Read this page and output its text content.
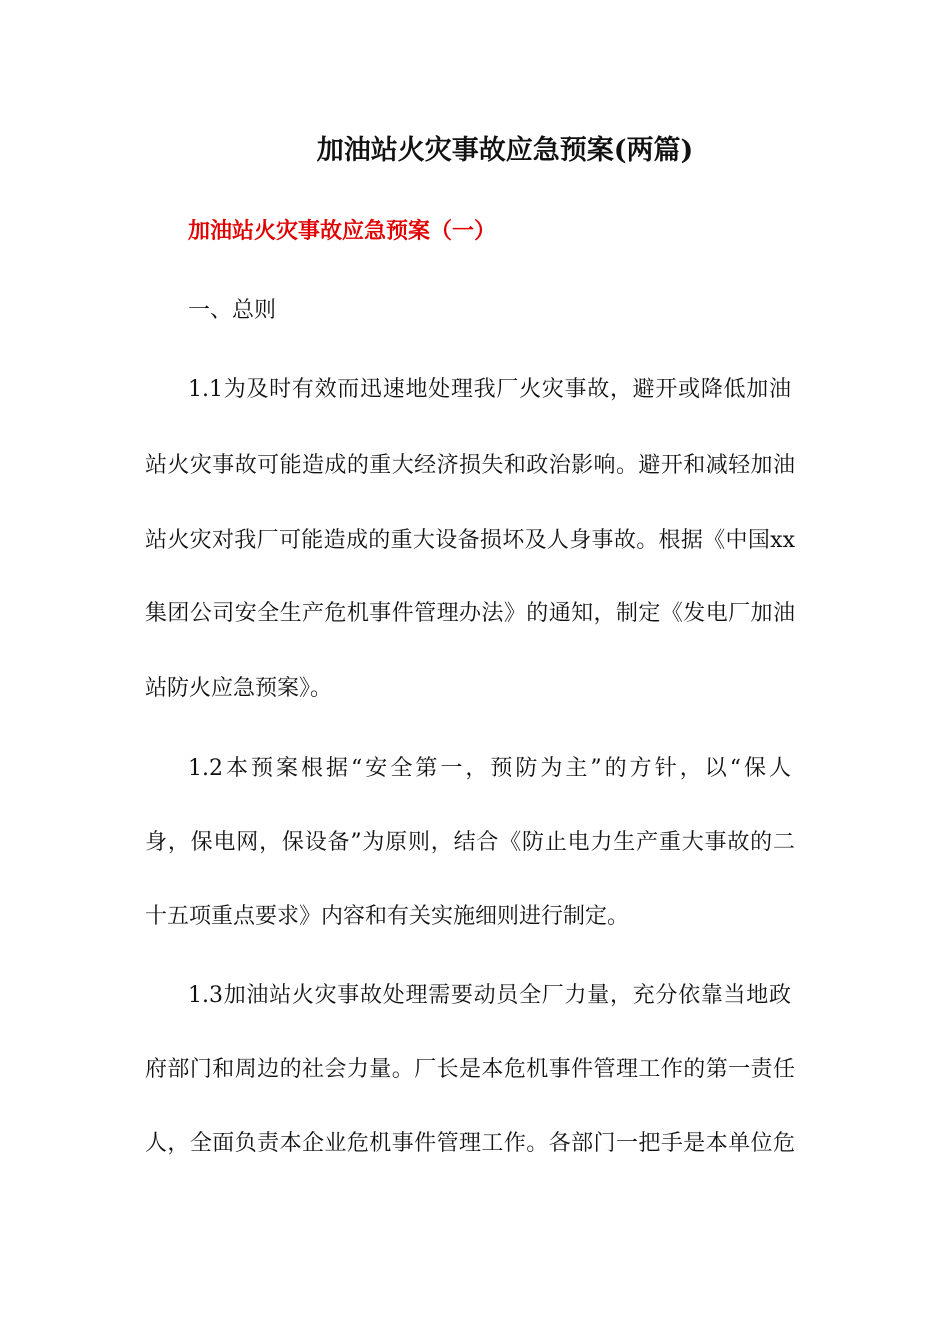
加油站火灾事故应急预案(两篇)
加油站火灾事故应急预案（一）
一、总则
1.1为及时有效而迅速地处理我厂火灾事故，避开或降低加油
站火灾事故可能造成的重大经济损失和政治影响。避开和减轻加油
站火灾对我厂可能造成的重大设备损坏及人身事故。根据《中国xx
集团公司安全生产危机事件管理办法》的通知，制定《发电厂加油
站防火应急预案》。
1.2本预案根据“安全第一，预防为主”的方针，以“保人
身，保电网，保设备”为原则，结合《防止电力生产重大事故的二
十五项重点要求》内容和有关实施细则进行制定。
1.3加油站火灾事故处理需要动员全厂力量，充分依靠当地政
府部门和周边的社会力量。厂长是本危机事件管理工作的第一责任
人，全面负责本企业危机事件管理工作。各部门一把手是本单位危
